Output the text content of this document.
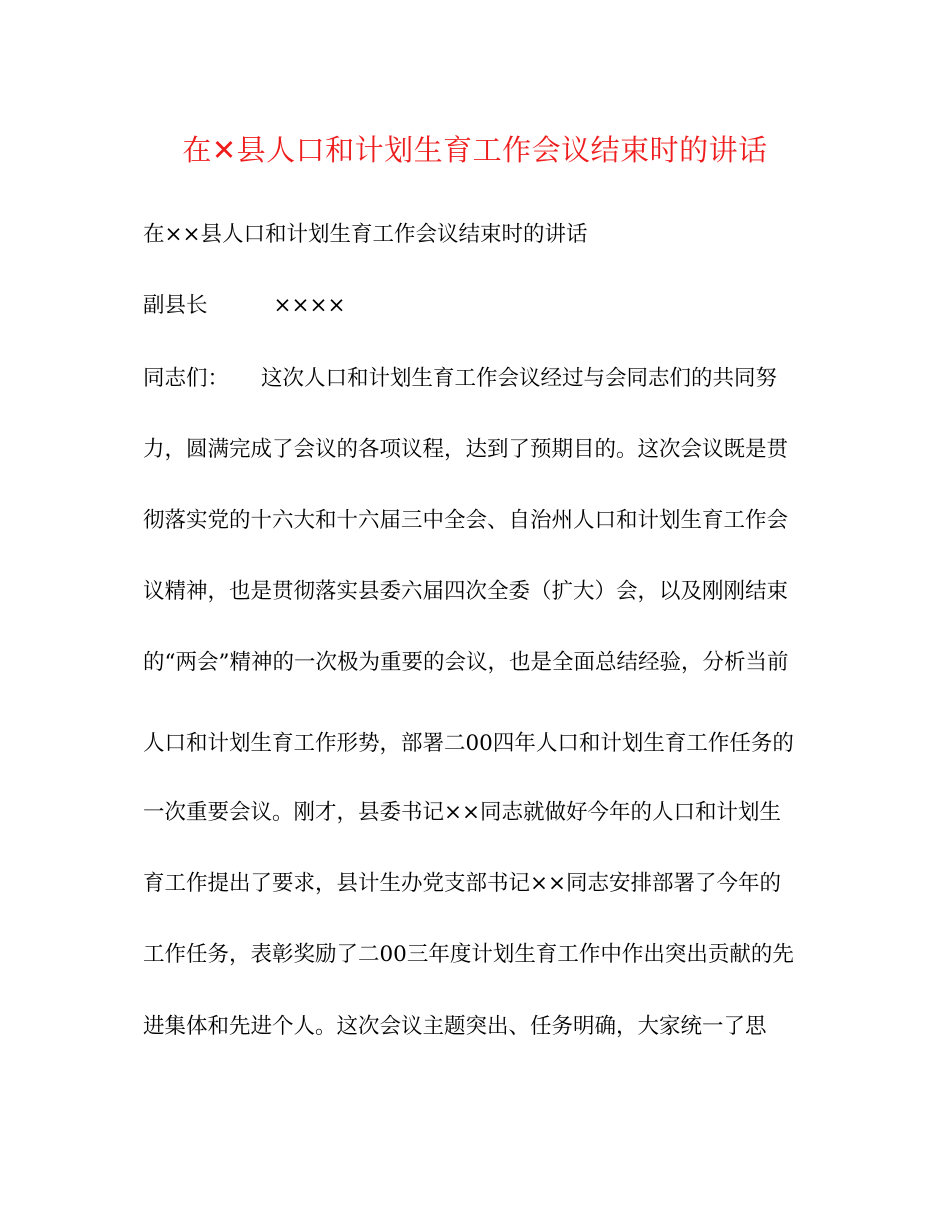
在✕县人口和计划生育工作会议结束时的讲话
在××县人口和计划生育工作会议结束时的讲话
副县长	××××
同志们： 这次人口和计划生育工作会议经过与会同志们的共同努
力，圆满完成了会议的各项议程，达到了预期目的。这次会议既是贯
彻落实党的十六大和十六届三中全会、自治州人口和计划生育工作会
议精神，也是贯彻落实县委六届四次全委（扩大）会，以及刚刚结束
的“两会”精神的一次极为重要的会议，也是全面总结经验，分析当前
人口和计划生育工作形势，部署二00四年人口和计划生育工作任务的
一次重要会议。刚才，县委书记××同志就做好今年的人口和计划生
育工作提出了要求，县计生办党支部书记××同志安排部署了今年的
工作任务，表彰奖励了二00三年度计划生育工作中作出突出贡献的先
进集体和先进个人。这次会议主题突出、任务明确，大家统一了思
